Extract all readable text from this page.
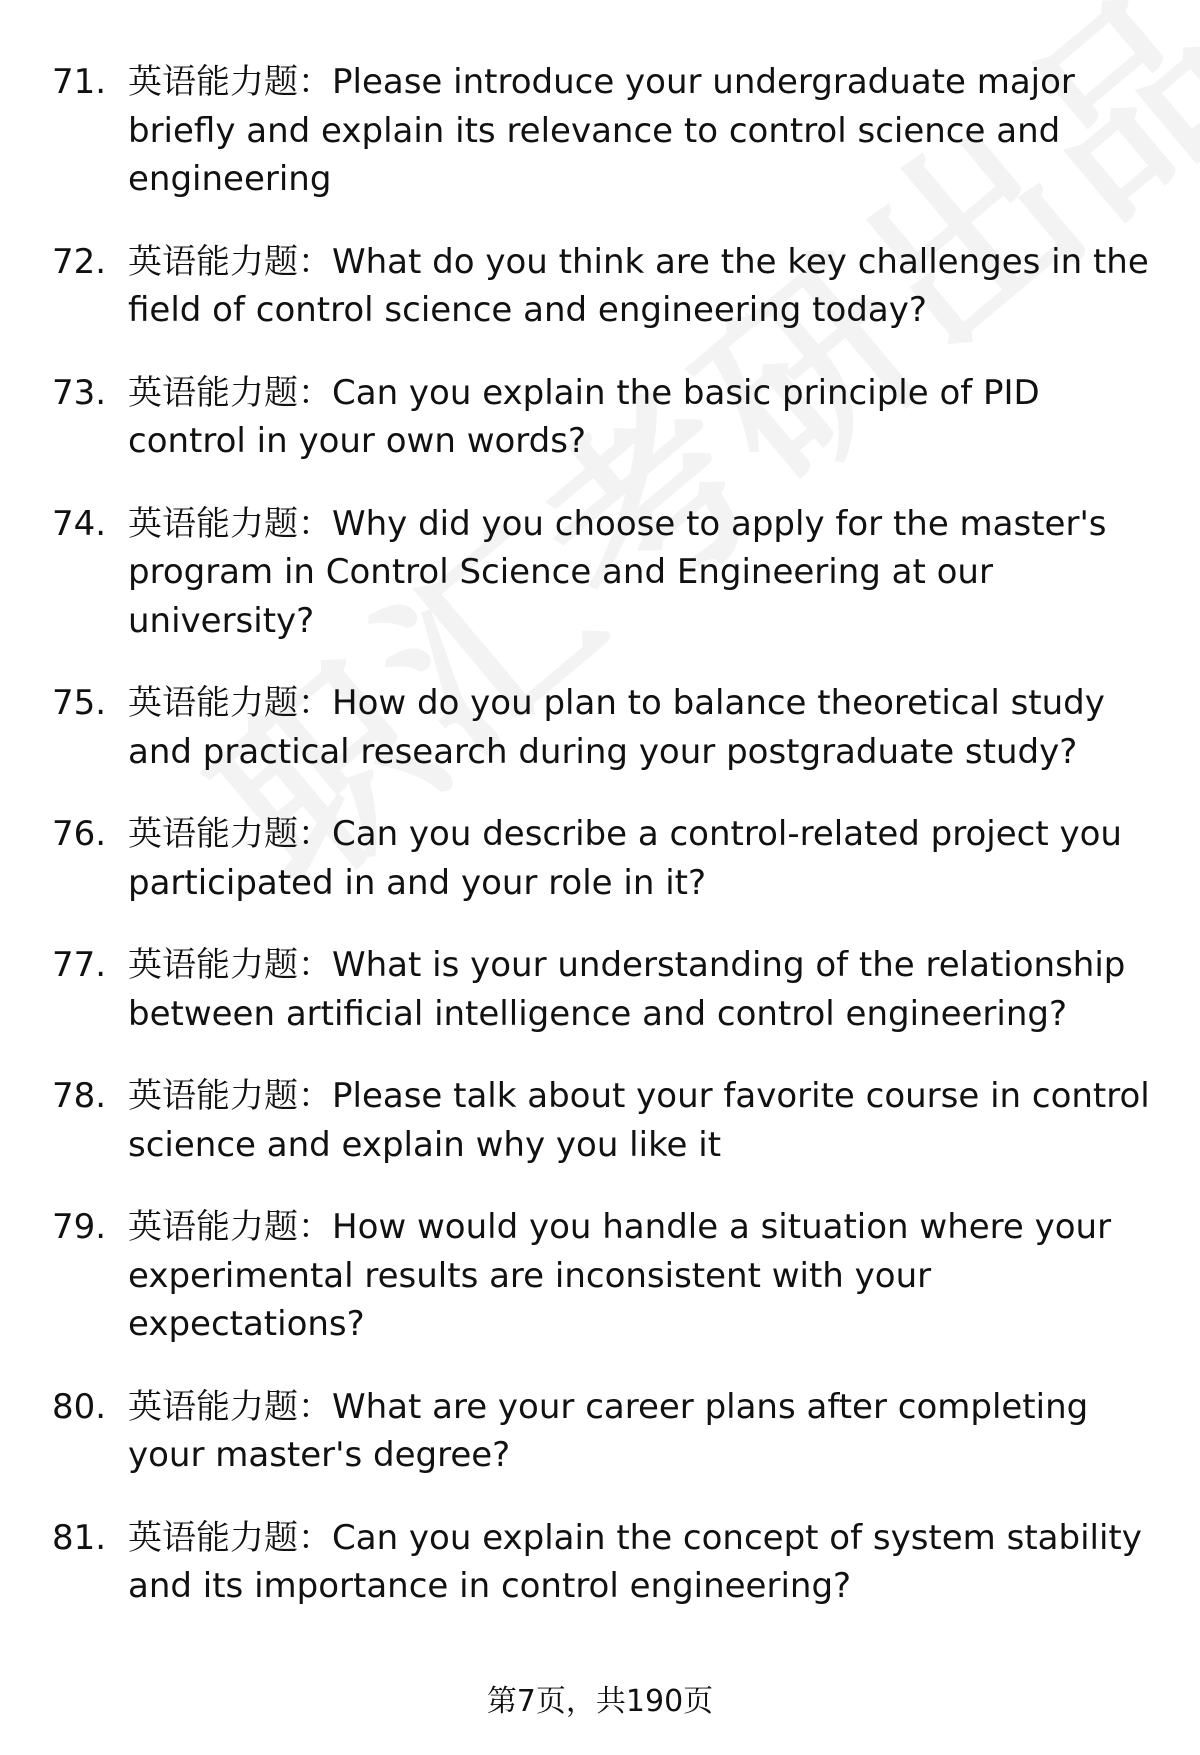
71. 英语能力题：Please introduce your undergraduate major briefly and explain its relevance to control science and engineering
72. 英语能力题：What do you think are the key challenges in the field of control science and engineering today?
73. 英语能力题：Can you explain the basic principle of PID control in your own words?
74. 英语能力题：Why did you choose to apply for the master's program in Control Science and Engineering at our university?
75. 英语能力题：How do you plan to balance theoretical study and practical research during your postgraduate study?
76. 英语能力题：Can you describe a control-related project you participated in and your role in it?
77. 英语能力题：What is your understanding of the relationship between artificial intelligence and control engineering?
78. 英语能力题：Please talk about your favorite course in control science and explain why you like it
79. 英语能力题：How would you handle a situation where your experimental results are inconsistent with your expectations?
80. 英语能力题：What are your career plans after completing your master's degree?
81. 英语能力题：Can you explain the concept of system stability and its importance in control engineering?
第7页，共190页
